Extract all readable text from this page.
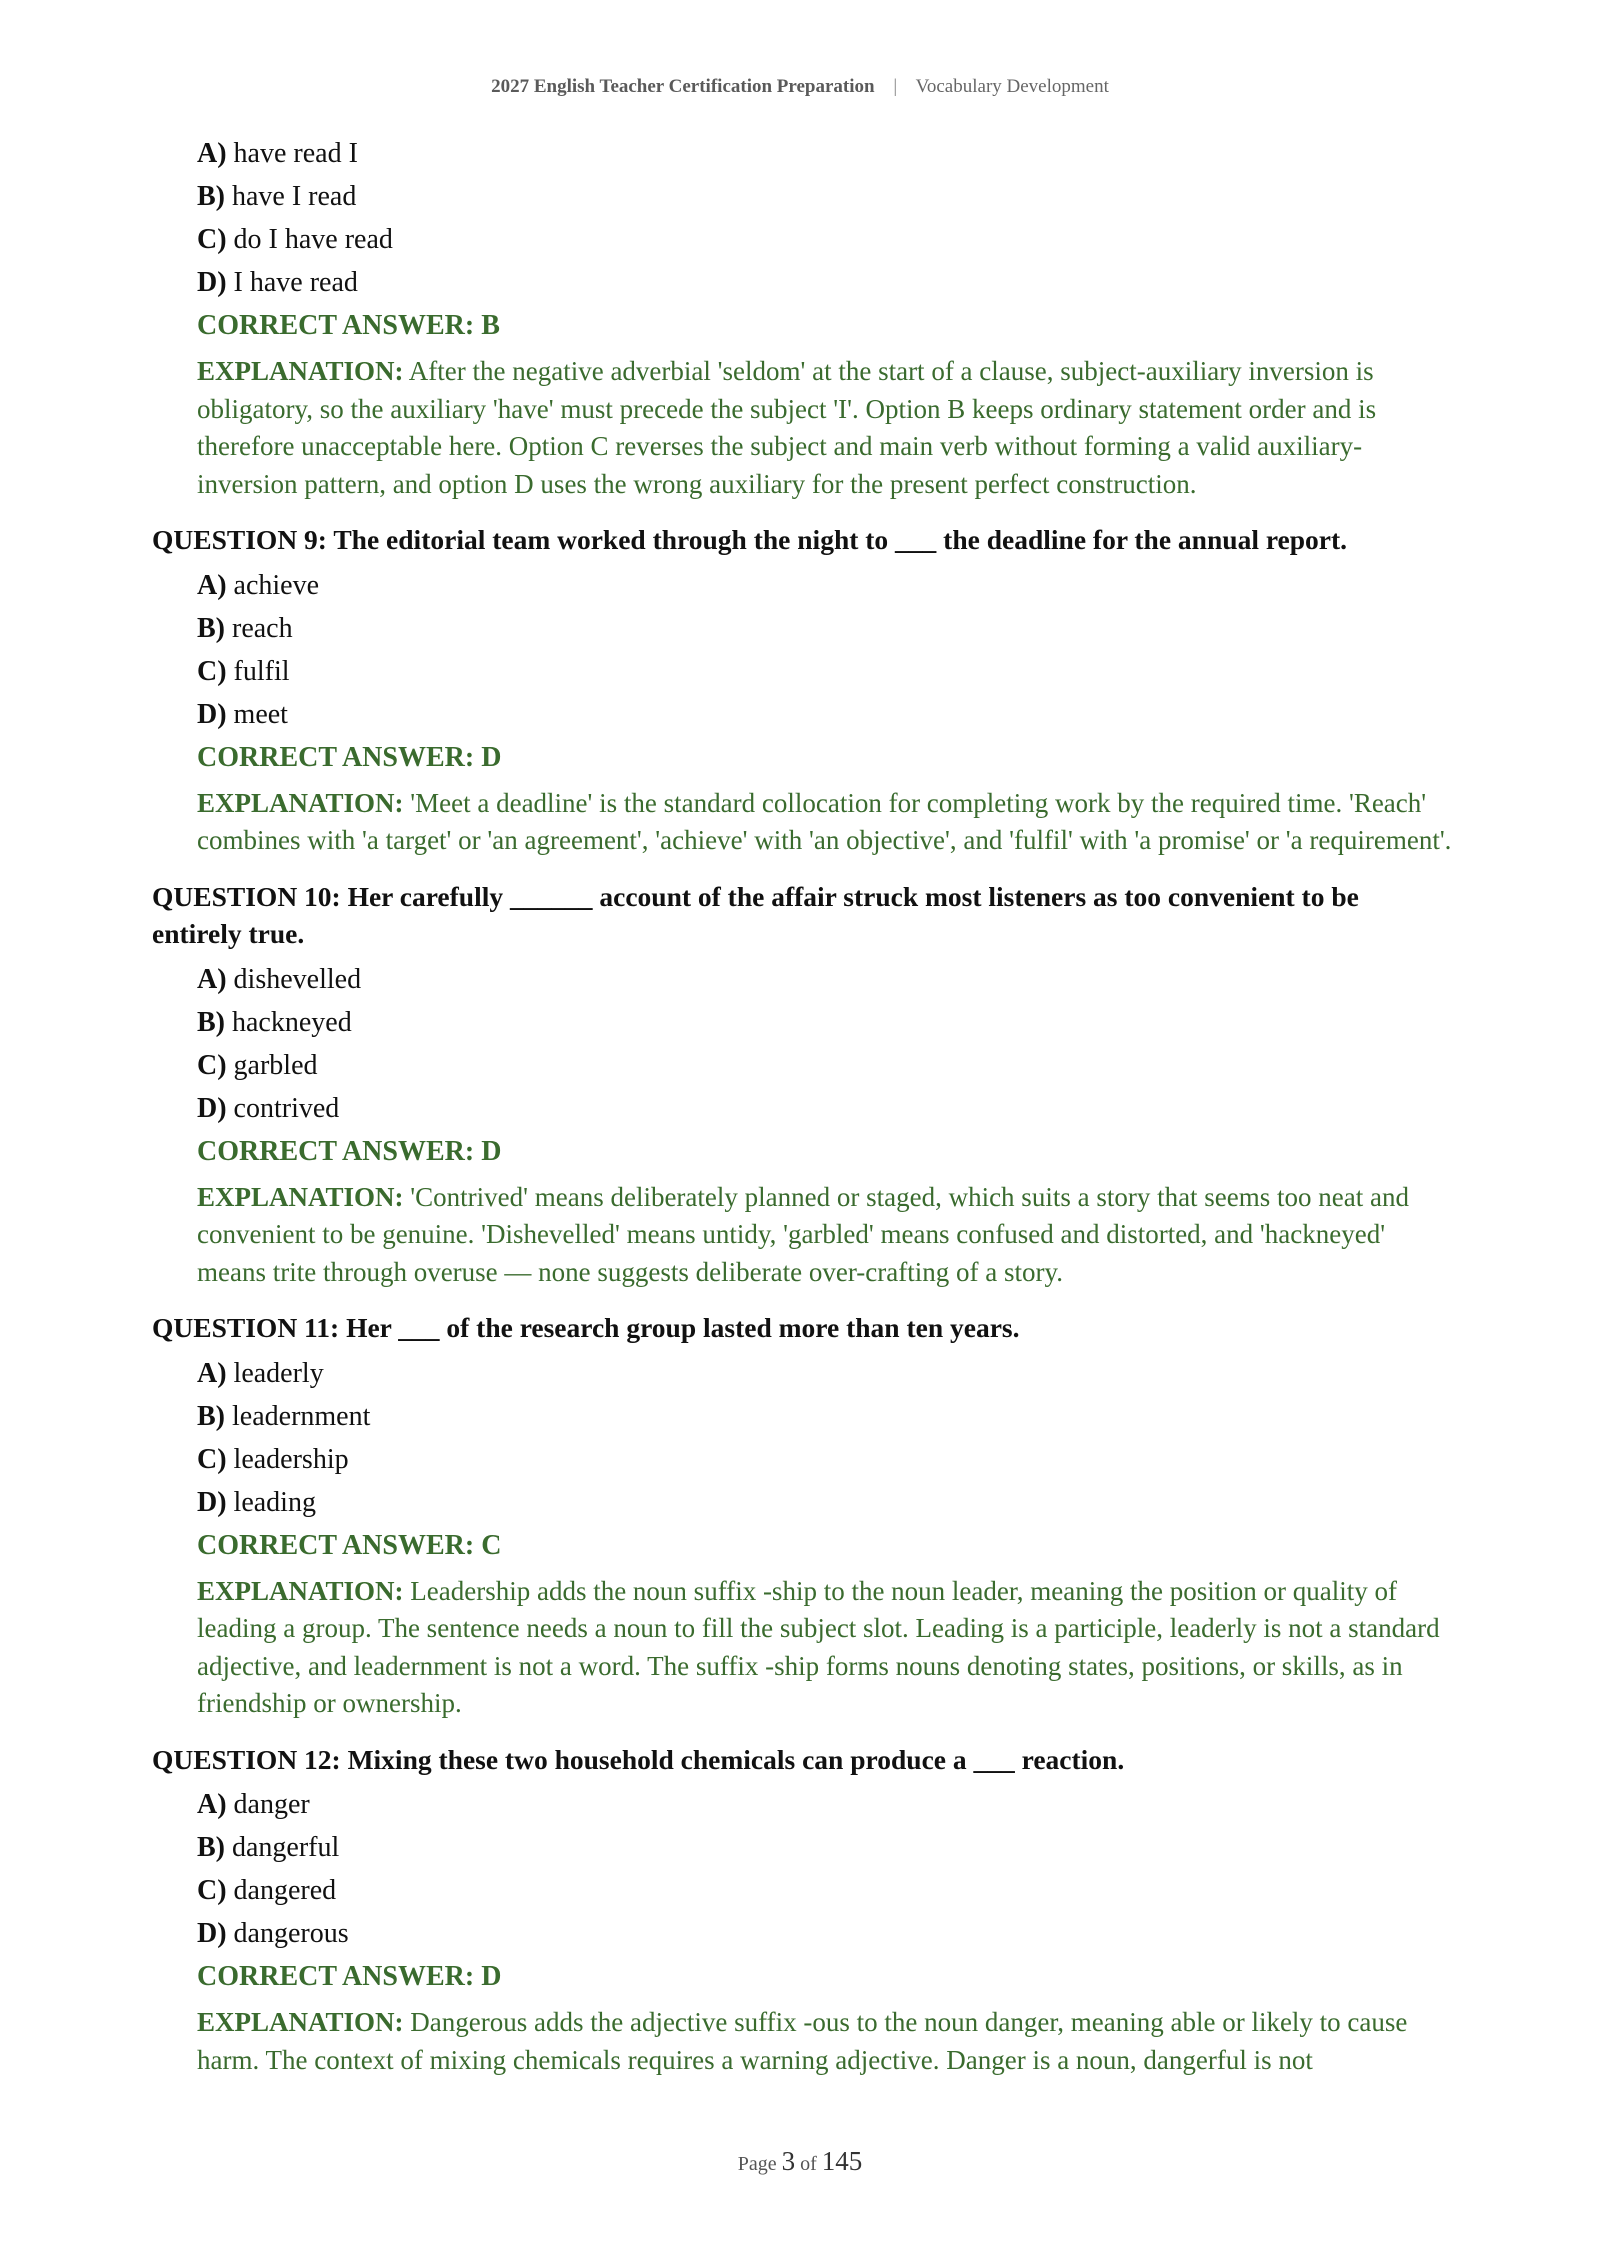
2027 English Teacher Certification Preparation | Vocabulary Development
A) have read I
B) have I read
C) do I have read
D) I have read
CORRECT ANSWER: B
EXPLANATION: After the negative adverbial 'seldom' at the start of a clause, subject-auxiliary inversion is obligatory, so the auxiliary 'have' must precede the subject 'I'. Option B keeps ordinary statement order and is therefore unacceptable here. Option C reverses the subject and main verb without forming a valid auxiliary-inversion pattern, and option D uses the wrong auxiliary for the present perfect construction.
QUESTION 9: The editorial team worked through the night to ___ the deadline for the annual report.
A) achieve
B) reach
C) fulfil
D) meet
CORRECT ANSWER: D
EXPLANATION: 'Meet a deadline' is the standard collocation for completing work by the required time. 'Reach' combines with 'a target' or 'an agreement', 'achieve' with 'an objective', and 'fulfil' with 'a promise' or 'a requirement'.
QUESTION 10: Her carefully ______ account of the affair struck most listeners as too convenient to be entirely true.
A) dishevelled
B) hackneyed
C) garbled
D) contrived
CORRECT ANSWER: D
EXPLANATION: 'Contrived' means deliberately planned or staged, which suits a story that seems too neat and convenient to be genuine. 'Dishevelled' means untidy, 'garbled' means confused and distorted, and 'hackneyed' means trite through overuse — none suggests deliberate over-crafting of a story.
QUESTION 11: Her ___ of the research group lasted more than ten years.
A) leaderly
B) leadernment
C) leadership
D) leading
CORRECT ANSWER: C
EXPLANATION: Leadership adds the noun suffix -ship to the noun leader, meaning the position or quality of leading a group. The sentence needs a noun to fill the subject slot. Leading is a participle, leaderly is not a standard adjective, and leadernment is not a word. The suffix -ship forms nouns denoting states, positions, or skills, as in friendship or ownership.
QUESTION 12: Mixing these two household chemicals can produce a ___ reaction.
A) danger
B) dangerful
C) dangered
D) dangerous
CORRECT ANSWER: D
EXPLANATION: Dangerous adds the adjective suffix -ous to the noun danger, meaning able or likely to cause harm. The context of mixing chemicals requires a warning adjective. Danger is a noun, dangerful is not
Page 3 of 145
